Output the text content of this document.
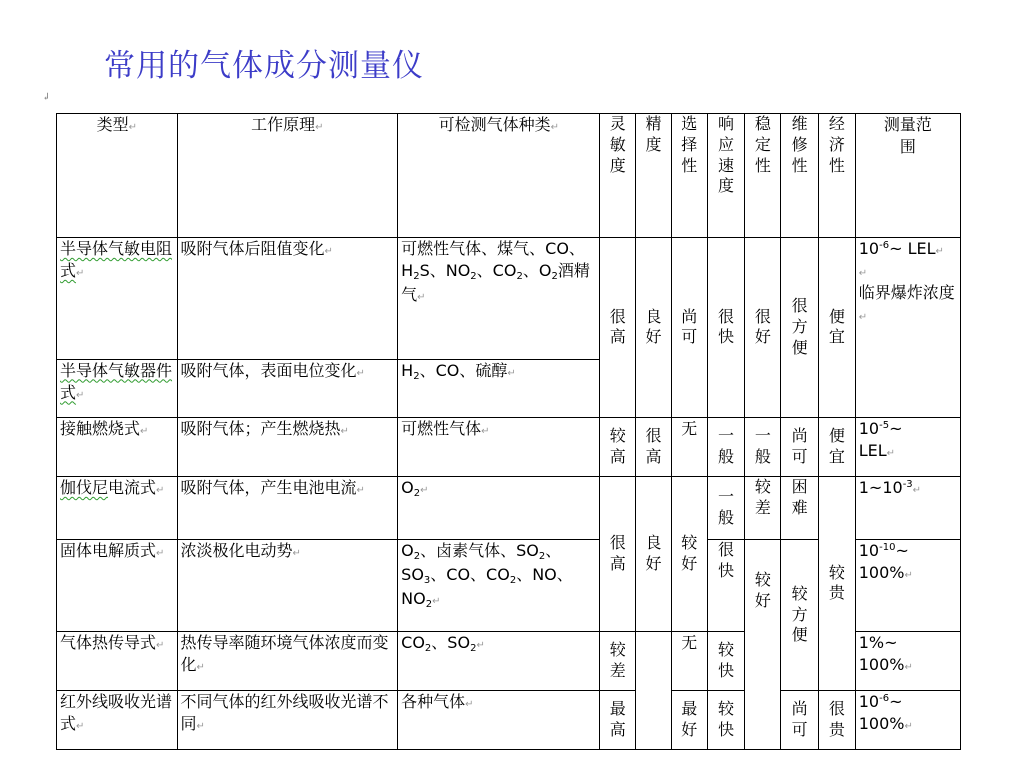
常用的气体成分测量仪
↲
类型↵	工作原理↵	可检测气体种类↵	灵敏度	精度	选择性	响应速度	稳定性	维修性	经济性	测量范围
半导体气敏电阻式↵	吸附气体后阻值变化↵	可燃性气体、煤气、CO、$H_2S$、$NO_2$、$CO_2$、$O_2$酒精气↵	很高	良好	尚可	很快	很好	很方便	便宜	$10^{-6}\sim$ LEL↵
↵
临界爆炸浓度↵
半导体气敏器件式↵	吸附气体，表面电位变化↵	$H_2$、CO、硫醇↵								
接触燃烧式↵	吸附气体；产生燃烧热↵	可燃性气体↵	较高	很高	无	一般	一般	尚可	便宜	$10^{-5}\sim$
LEL↵
伽伐尼电流式↵	吸附气体，产生电池电流↵	$O_2↵$	很高	良好	较好	一般	较差	困难	较贵	$1\sim 10^{-3}↵$
固体电解质式↵	浓淡极化电动势↵	$O_2$、卤素气体、$SO_2$、$SO_3$、CO、$CO_2$、NO、$NO_2↵$				很快	较好	较方便		$10^{-10}\sim$
100%↵
气体热传导式↵	热传导率随环境气体浓度而变化↵	$CO_2$、$SO_2↵$	较差		无	较快				1%~
100%↵
红外线吸收光谱式↵	不同气体的红外线吸收光谱不同↵	各种气体↵	最高		最好	较快		尚可	很贵	$10^{-6}\sim$
100%↵
